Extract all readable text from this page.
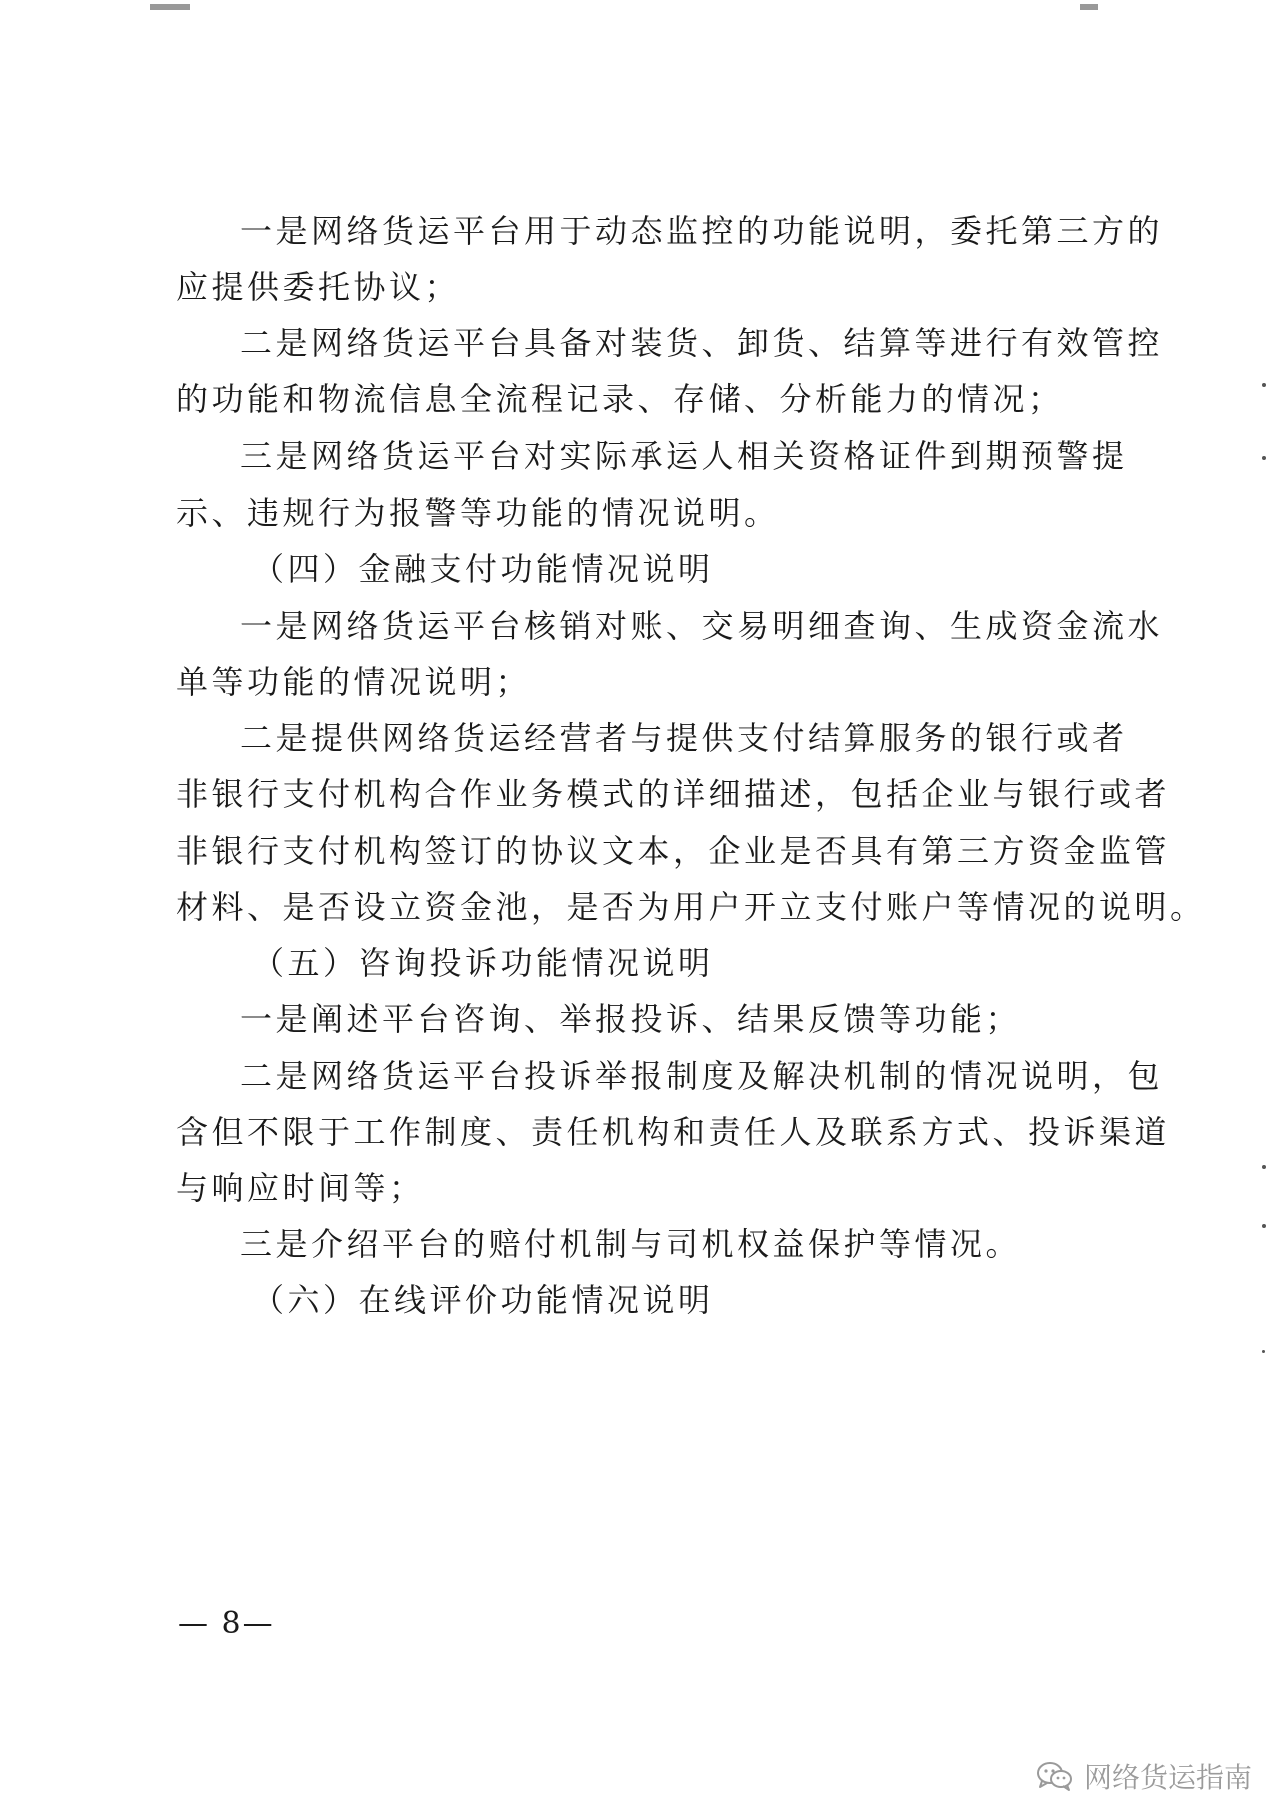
一是网络货运平台用于动态监控的功能说明，委托第三方的
应提供委托协议；
二是网络货运平台具备对装货、卸货、结算等进行有效管控
的功能和物流信息全流程记录、存储、分析能力的情况；
三是网络货运平台对实际承运人相关资格证件到期预警提
示、违规行为报警等功能的情况说明。
（四）金融支付功能情况说明
一是网络货运平台核销对账、交易明细查询、生成资金流水
单等功能的情况说明；
二是提供网络货运经营者与提供支付结算服务的银行或者
非银行支付机构合作业务模式的详细描述，包括企业与银行或者
非银行支付机构签订的协议文本，企业是否具有第三方资金监管
材料、是否设立资金池，是否为用户开立支付账户等情况的说明。
（五）咨询投诉功能情况说明
一是阐述平台咨询、举报投诉、结果反馈等功能；
二是网络货运平台投诉举报制度及解决机制的情况说明，包
含但不限于工作制度、责任机构和责任人及联系方式、投诉渠道
与响应时间等；
三是介绍平台的赔付机制与司机权益保护等情况。
（六）在线评价功能情况说明
— 8—
网络货运指南
